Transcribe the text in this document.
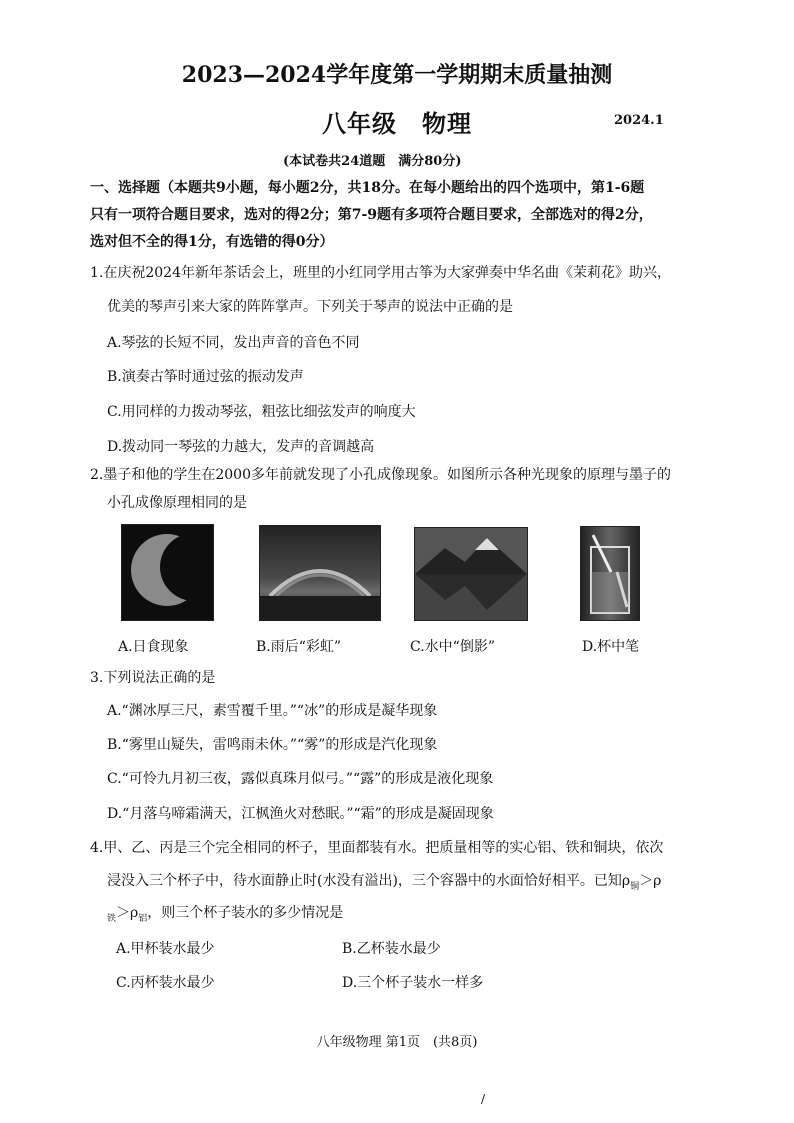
2023—2024学年度第一学期期末质量抽测
八年级　物理	2024.1
(本试卷共24道题　满分80分)
一、选择题（本题共9小题，每小题2分，共18分。在每小题给出的四个选项中，第1-6题
只有一项符合题目要求，选对的得2分；第7-9题有多项符合题目要求，全部选对的得2分，
选对但不全的得1分，有选错的得0分）
1.在庆祝2024年新年茶话会上，班里的小红同学用古筝为大家弹奏中华名曲《茉莉花》助兴，
优美的琴声引来大家的阵阵掌声。下列关于琴声的说法中正确的是
A.琴弦的长短不同，发出声音的音色不同
B.演奏古筝时通过弦的振动发声
C.用同样的力拨动琴弦，粗弦比细弦发声的响度大
D.拨动同一琴弦的力越大，发声的音调越高
2.墨子和他的学生在2000多年前就发现了小孔成像现象。如图所示各种光现象的原理与墨子的
小孔成像原理相同的是
A.日食现象	B.雨后“彩虹”	C.水中“倒影”	D.杯中笔
3.下列说法正确的是
A.“渊冰厚三尺，素雪覆千里。”“冰”的形成是凝华现象
B.“雾里山疑失，雷鸣雨未休。”“雾”的形成是汽化现象
C.“可怜九月初三夜，露似真珠月似弓。”“露”的形成是液化现象
D.“月落乌啼霜满天，江枫渔火对愁眠。”“霜”的形成是凝固现象
4.甲、乙、丙是三个完全相同的杯子，里面都装有水。把质量相等的实心铝、铁和铜块，依次
浸没入三个杯子中，待水面静止时(水没有溢出)，三个容器中的水面恰好相平。已知$\rho_铜>\rho$
$_铁>\rho_铝$，则三个杯子装水的多少情况是
A.甲杯装水最少	B.乙杯装水最少
C.丙杯装水最少	D.三个杯子装水一样多
八年级物理 第1页　(共8页)
/
